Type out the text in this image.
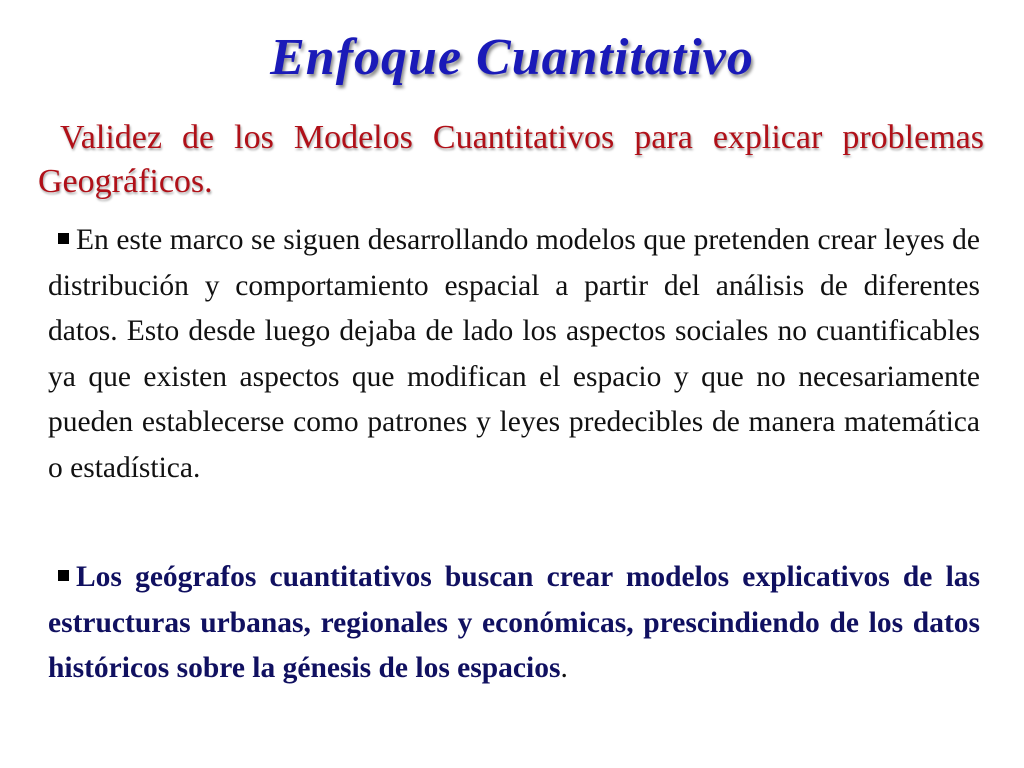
Enfoque Cuantitativo
Validez de los Modelos Cuantitativos para explicar problemas Geográficos.
En este marco se siguen desarrollando modelos que pretenden crear leyes de distribución y comportamiento espacial a partir del análisis de diferentes datos. Esto desde luego dejaba de lado los aspectos sociales no cuantificables ya que existen aspectos que modifican el espacio y que no necesariamente pueden establecerse como patrones y leyes predecibles de manera matemática o estadística.
Los geógrafos cuantitativos buscan crear modelos explicativos de las estructuras urbanas, regionales y económicas, prescindiendo de los datos históricos sobre la génesis de los espacios.
